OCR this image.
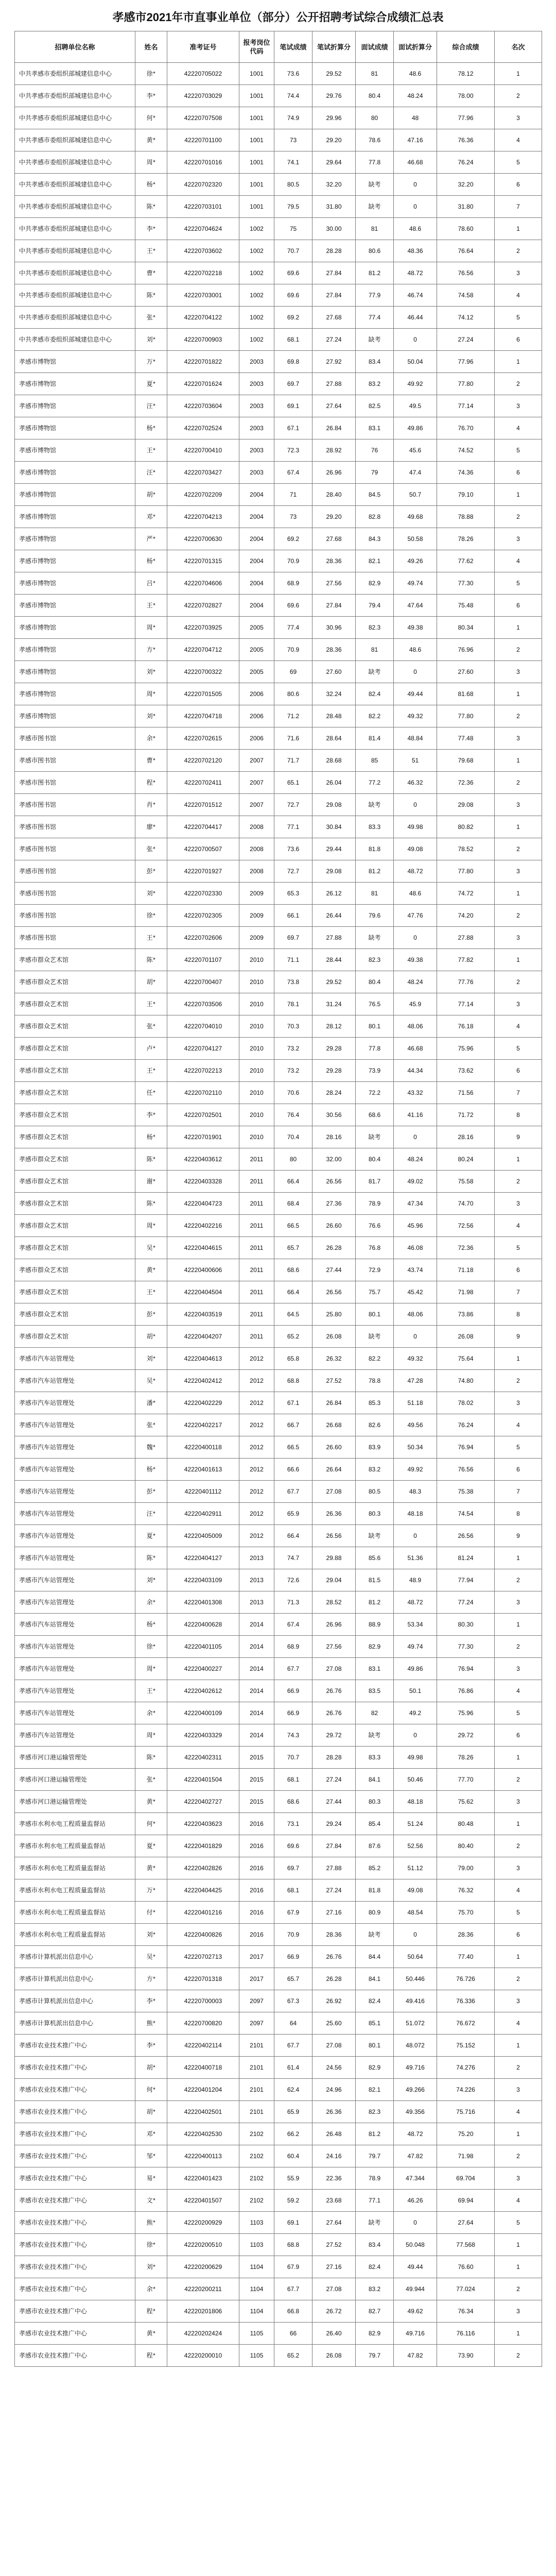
孝感市2021年市直事业单位（部分）公开招聘考试综合成绩汇总表
招聘单位名称	姓名	准考证号	报考岗位代码	笔试成绩	笔试折算分	面试成绩	面试折算分	综合成绩	名次
中共孝感市委组织部城建信息中心	徐*	42220705022	1001	73.6	29.52	81	48.6	78.12	1
中共孝感市委组织部城建信息中心	李*	42220703029	1001	74.4	29.76	80.4	48.24	78.00	2
中共孝感市委组织部城建信息中心	何*	42220707508	1001	74.9	29.96	80	48	77.96	3
中共孝感市委组织部城建信息中心	黄*	42220701100	1001	73	29.20	78.6	47.16	76.36	4
中共孝感市委组织部城建信息中心	周*	42220701016	1001	74.1	29.64	77.8	46.68	76.24	5
中共孝感市委组织部城建信息中心	杨*	42220702320	1001	80.5	32.20	缺考	0	32.20	6
中共孝感市委组织部城建信息中心	陈*	42220703101	1001	79.5	31.80	缺考	0	31.80	7
中共孝感市委组织部城建信息中心	李*	42220704624	1002	75	30.00	81	48.6	78.60	1
中共孝感市委组织部城建信息中心	王*	42220703602	1002	70.7	28.28	80.6	48.36	76.64	2
中共孝感市委组织部城建信息中心	曹*	42220702218	1002	69.6	27.84	81.2	48.72	76.56	3
中共孝感市委组织部城建信息中心	陈*	42220703001	1002	69.6	27.84	77.9	46.74	74.58	4
中共孝感市委组织部城建信息中心	张*	42220704122	1002	69.2	27.68	77.4	46.44	74.12	5
中共孝感市委组织部城建信息中心	刘*	42220700903	1002	68.1	27.24	缺考	0	27.24	6
孝感市博物馆	万*	42220701822	2003	69.8	27.92	83.4	50.04	77.96	1
孝感市博物馆	夏*	42220701624	2003	69.7	27.88	83.2	49.92	77.80	2
孝感市博物馆	汪*	42220703604	2003	69.1	27.64	82.5	49.5	77.14	3
孝感市博物馆	杨*	42220702524	2003	67.1	26.84	83.1	49.86	76.70	4
孝感市博物馆	王*	42220700410	2003	72.3	28.92	76	45.6	74.52	5
孝感市博物馆	汪*	42220703427	2003	67.4	26.96	79	47.4	74.36	6
孝感市博物馆	胡*	42220702209	2004	71	28.40	84.5	50.7	79.10	1
孝感市博物馆	邓*	42220704213	2004	73	29.20	82.8	49.68	78.88	2
孝感市博物馆	严*	42220700630	2004	69.2	27.68	84.3	50.58	78.26	3
孝感市博物馆	杨*	42220701315	2004	70.9	28.36	82.1	49.26	77.62	4
孝感市博物馆	吕*	42220704606	2004	68.9	27.56	82.9	49.74	77.30	5
孝感市博物馆	王*	42220702827	2004	69.6	27.84	79.4	47.64	75.48	6
孝感市博物馆	周*	42220703925	2005	77.4	30.96	82.3	49.38	80.34	1
孝感市博物馆	方*	42220704712	2005	70.9	28.36	81	48.6	76.96	2
孝感市博物馆	刘*	42220700322	2005	69	27.60	缺考	0	27.60	3
孝感市博物馆	周*	42220701505	2006	80.6	32.24	82.4	49.44	81.68	1
孝感市博物馆	刘*	42220704718	2006	71.2	28.48	82.2	49.32	77.80	2
孝感市图书馆	余*	42220702615	2006	71.6	28.64	81.4	48.84	77.48	3
孝感市图书馆	曹*	42220702120	2007	71.7	28.68	85	51	79.68	1
孝感市图书馆	程*	42220702411	2007	65.1	26.04	77.2	46.32	72.36	2
孝感市图书馆	肖*	42220701512	2007	72.7	29.08	缺考	0	29.08	3
孝感市图书馆	廖*	42220704417	2008	77.1	30.84	83.3	49.98	80.82	1
孝感市图书馆	张*	42220700507	2008	73.6	29.44	81.8	49.08	78.52	2
孝感市图书馆	彭*	42220701927	2008	72.7	29.08	81.2	48.72	77.80	3
孝感市图书馆	刘*	42220702330	2009	65.3	26.12	81	48.6	74.72	1
孝感市图书馆	徐*	42220702305	2009	66.1	26.44	79.6	47.76	74.20	2
孝感市图书馆	王*	42220702606	2009	69.7	27.88	缺考	0	27.88	3
孝感市群众艺术馆	陈*	42220701107	2010	71.1	28.44	82.3	49.38	77.82	1
孝感市群众艺术馆	胡*	42220700407	2010	73.8	29.52	80.4	48.24	77.76	2
孝感市群众艺术馆	王*	42220703506	2010	78.1	31.24	76.5	45.9	77.14	3
孝感市群众艺术馆	张*	42220704010	2010	70.3	28.12	80.1	48.06	76.18	4
孝感市群众艺术馆	卢*	42220704127	2010	73.2	29.28	77.8	46.68	75.96	5
孝感市群众艺术馆	王*	42220702213	2010	73.2	29.28	73.9	44.34	73.62	6
孝感市群众艺术馆	任*	42220702110	2010	70.6	28.24	72.2	43.32	71.56	7
孝感市群众艺术馆	李*	42220702501	2010	76.4	30.56	68.6	41.16	71.72	8
孝感市群众艺术馆	杨*	42220701901	2010	70.4	28.16	缺考	0	28.16	9
孝感市群众艺术馆	陈*	42220403612	2011	80	32.00	80.4	48.24	80.24	1
孝感市群众艺术馆	谢*	42220403328	2011	66.4	26.56	81.7	49.02	75.58	2
孝感市群众艺术馆	陈*	42220404723	2011	68.4	27.36	78.9	47.34	74.70	3
孝感市群众艺术馆	周*	42220402216	2011	66.5	26.60	76.6	45.96	72.56	4
孝感市群众艺术馆	吴*	42220404615	2011	65.7	26.28	76.8	46.08	72.36	5
孝感市群众艺术馆	黄*	42220400606	2011	68.6	27.44	72.9	43.74	71.18	6
孝感市群众艺术馆	王*	42220404504	2011	66.4	26.56	75.7	45.42	71.98	7
孝感市群众艺术馆	彭*	42220403519	2011	64.5	25.80	80.1	48.06	73.86	8
孝感市群众艺术馆	胡*	42220404207	2011	65.2	26.08	缺考	0	26.08	9
孝感市汽车站管理处	刘*	42220404613	2012	65.8	26.32	82.2	49.32	75.64	1
孝感市汽车站管理处	吴*	42220402412	2012	68.8	27.52	78.8	47.28	74.80	2
孝感市汽车站管理处	潘*	42220402229	2012	67.1	26.84	85.3	51.18	78.02	3
孝感市汽车站管理处	张*	42220402217	2012	66.7	26.68	82.6	49.56	76.24	4
孝感市汽车站管理处	魏*	42220400118	2012	66.5	26.60	83.9	50.34	76.94	5
孝感市汽车站管理处	杨*	42220401613	2012	66.6	26.64	83.2	49.92	76.56	6
孝感市汽车站管理处	彭*	42220401112	2012	67.7	27.08	80.5	48.3	75.38	7
孝感市汽车站管理处	汪*	42220402911	2012	65.9	26.36	80.3	48.18	74.54	8
孝感市汽车站管理处	夏*	42220405009	2012	66.4	26.56	缺考	0	26.56	9
孝感市汽车站管理处	陈*	42220404127	2013	74.7	29.88	85.6	51.36	81.24	1
孝感市汽车站管理处	刘*	42220403109	2013	72.6	29.04	81.5	48.9	77.94	2
孝感市汽车站管理处	余*	42220401308	2013	71.3	28.52	81.2	48.72	77.24	3
孝感市汽车站管理处	杨*	42220400628	2014	67.4	26.96	88.9	53.34	80.30	1
孝感市汽车站管理处	徐*	42220401105	2014	68.9	27.56	82.9	49.74	77.30	2
孝感市汽车站管理处	周*	42220400227	2014	67.7	27.08	83.1	49.86	76.94	3
孝感市汽车站管理处	王*	42220402612	2014	66.9	26.76	83.5	50.1	76.86	4
孝感市汽车站管理处	余*	42220400109	2014	66.9	26.76	82	49.2	75.96	5
孝感市汽车站管理处	周*	42220403329	2014	74.3	29.72	缺考	0	29.72	6
孝感市河口港运输管理处	陈*	42220402311	2015	70.7	28.28	83.3	49.98	78.26	1
孝感市河口港运输管理处	张*	42220401504	2015	68.1	27.24	84.1	50.46	77.70	2
孝感市河口港运输管理处	黄*	42220402727	2015	68.6	27.44	80.3	48.18	75.62	3
孝感市水利水电工程质量监督站	何*	42220403623	2016	73.1	29.24	85.4	51.24	80.48	1
孝感市水利水电工程质量监督站	夏*	42220401829	2016	69.6	27.84	87.6	52.56	80.40	2
孝感市水利水电工程质量监督站	黄*	42220402826	2016	69.7	27.88	85.2	51.12	79.00	3
孝感市水利水电工程质量监督站	万*	42220404425	2016	68.1	27.24	81.8	49.08	76.32	4
孝感市水利水电工程质量监督站	付*	42220401216	2016	67.9	27.16	80.9	48.54	75.70	5
孝感市水利水电工程质量监督站	刘*	42220400826	2016	70.9	28.36	缺考	0	28.36	6
孝感市计算机派出信息中心	吴*	42220702713	2017	66.9	26.76	84.4	50.64	77.40	1
孝感市计算机派出信息中心	方*	42220701318	2017	65.7	26.28	84.1	50.446	76.726	2
孝感市计算机派出信息中心	李*	42220700003	2097	67.3	26.92	82.4	49.416	76.336	3
孝感市计算机派出信息中心	熊*	42220700820	2097	64	25.60	85.1	51.072	76.672	4
孝感市农业技术推广中心	李*	42220402114	2101	67.7	27.08	80.1	48.072	75.152	1
孝感市农业技术推广中心	胡*	42220400718	2101	61.4	24.56	82.9	49.716	74.276	2
孝感市农业技术推广中心	何*	42220401204	2101	62.4	24.96	82.1	49.266	74.226	3
孝感市农业技术推广中心	胡*	42220402501	2101	65.9	26.36	82.3	49.356	75.716	4
孝感市农业技术推广中心	邓*	42220402530	2102	66.2	26.48	81.2	48.72	75.20	1
孝感市农业技术推广中心	邹*	42220400113	2102	60.4	24.16	79.7	47.82	71.98	2
孝感市农业技术推广中心	易*	42220401423	2102	55.9	22.36	78.9	47.344	69.704	3
孝感市农业技术推广中心	文*	42220401507	2102	59.2	23.68	77.1	46.26	69.94	4
孝感市农业技术推广中心	熊*	42220200929	1103	69.1	27.64	缺考	0	27.64	5
孝感市农业技术推广中心	徐*	42220200510	1103	68.8	27.52	83.4	50.048	77.568	1
孝感市农业技术推广中心	刘*	42220200629	1104	67.9	27.16	82.4	49.44	76.60	1
孝感市农业技术推广中心	余*	42220200211	1104	67.7	27.08	83.2	49.944	77.024	2
孝感市农业技术推广中心	程*	42220201806	1104	66.8	26.72	82.7	49.62	76.34	3
孝感市农业技术推广中心	黄*	42220202424	1105	66	26.40	82.9	49.716	76.116	1
孝感市农业技术推广中心	程*	42220200010	1105	65.2	26.08	79.7	47.82	73.90	2
